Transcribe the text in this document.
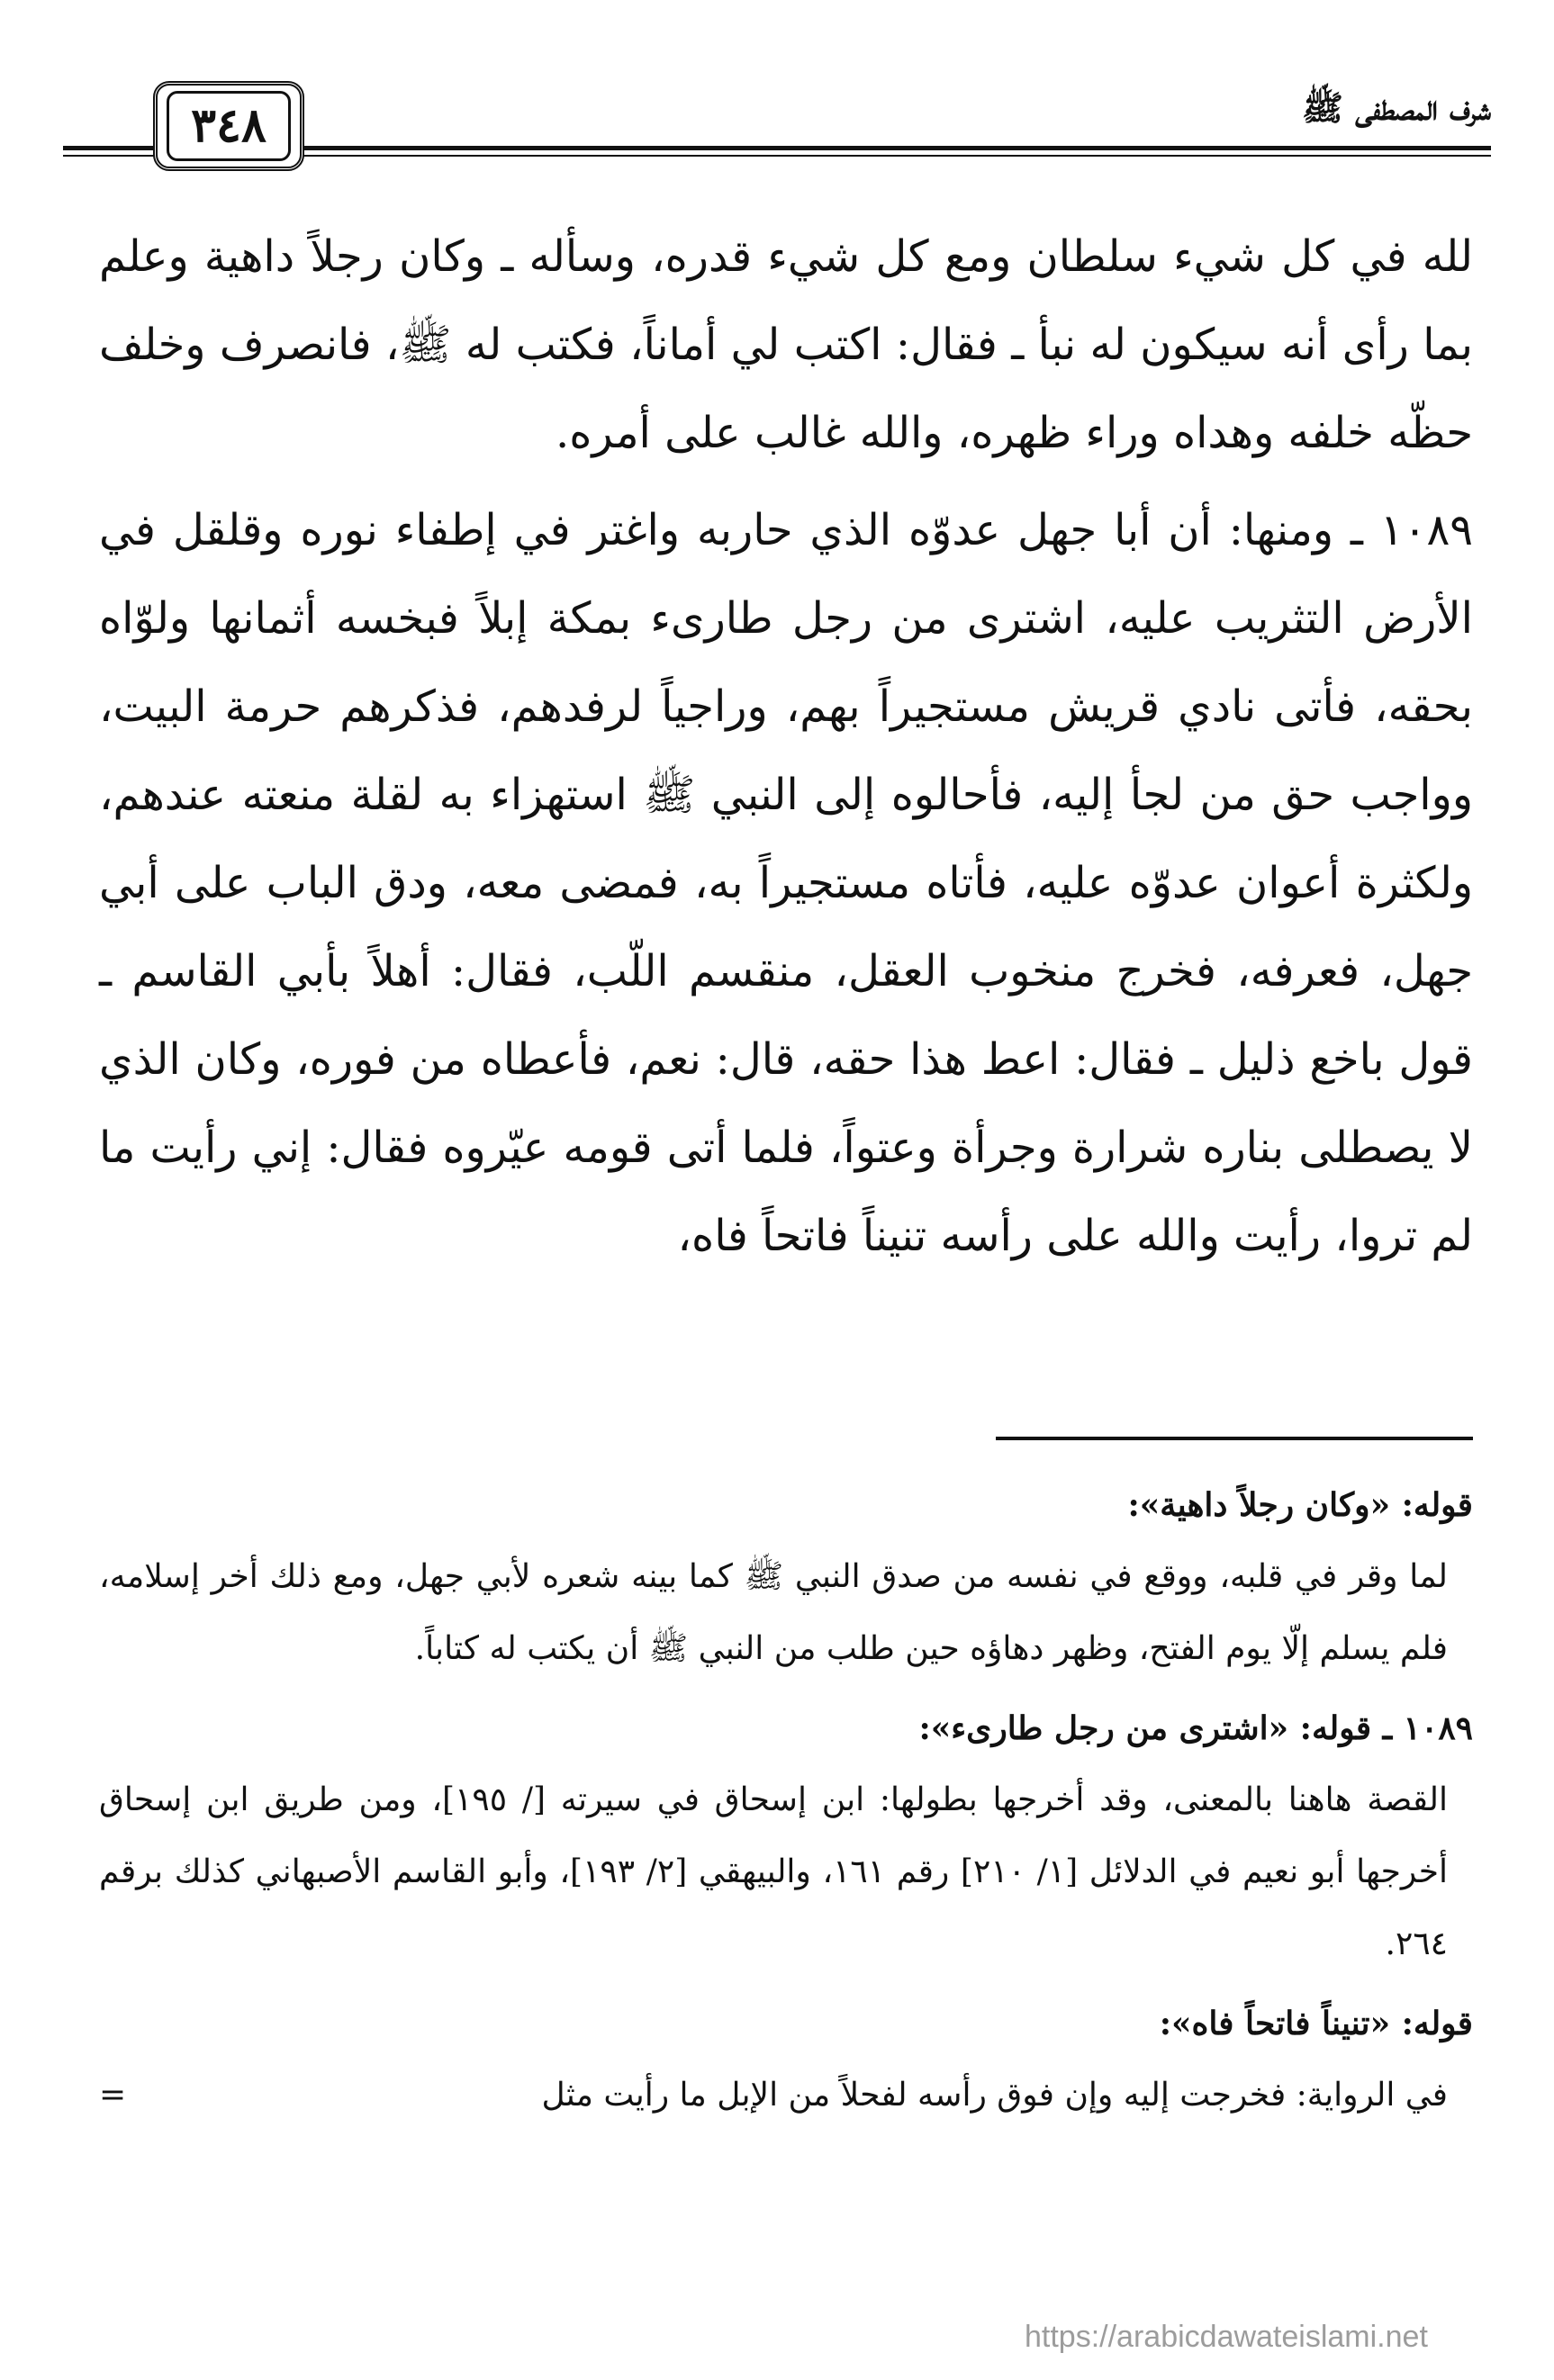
شرف المصطفى ﷺ
٣٤٨

لله في كل شيء سلطان ومع كل شيء قدره، وسأله ـ وكان رجلاً داهية وعلم بما رأى أنه سيكون له نبأ ـ فقال: اكتب لي أماناً، فكتب له ﷺ، فانصرف وخلف حظّه خلفه وهداه وراء ظهره، والله غالب على أمره.

١٠٨٩ ـ ومنها: أن أبا جهل عدوّه الذي حاربه واغتر في إطفاء نوره وقلقل في الأرض التثريب عليه، اشترى من رجل طارىء بمكة إبلاً فبخسه أثمانها ولوّاه بحقه، فأتى نادي قريش مستجيراً بهم، وراجياً لرفدهم، فذكرهم حرمة البيت، وواجب حق من لجأ إليه، فأحالوه إلى النبي ﷺ استهزاء به لقلة منعته عندهم، ولكثرة أعوان عدوّه عليه، فأتاه مستجيراً به، فمضى معه، ودق الباب على أبي جهل، فعرفه، فخرج منخوب العقل، منقسم اللّب، فقال: أهلاً بأبي القاسم ـ قول باخع ذليل ـ فقال: اعط هذا حقه، قال: نعم، فأعطاه من فوره، وكان الذي لا يصطلى بناره شرارة وجرأة وعتواً، فلما أتى قومه عيّروه فقال: إني رأيت ما لم تروا، رأيت والله على رأسه تنيناً فاتحاً فاه،

قوله: «وكان رجلاً داهية»:

لما وقر في قلبه، ووقع في نفسه من صدق النبي ﷺ كما بينه شعره لأبي جهل، ومع ذلك أخر إسلامه، فلم يسلم إلّا يوم الفتح، وظهر دهاؤه حين طلب من النبي ﷺ أن يكتب له كتاباً.

١٠٨٩ ـ قوله: «اشترى من رجل طارىء»:

القصة هاهنا بالمعنى، وقد أخرجها بطولها: ابن إسحاق في سيرته [/ ١٩٥]، ومن طريق ابن إسحاق أخرجها أبو نعيم في الدلائل [١/ ٢١٠] رقم ١٦١، والبيهقي [٢/ ١٩٣]، وأبو القاسم الأصبهاني كذلك برقم ٢٦٤.

قوله: «تنيناً فاتحاً فاه»:

في الرواية: فخرجت إليه وإن فوق رأسه لفحلاً من الإبل ما رأيت مثل
=
https://arabicdawateislami.net
